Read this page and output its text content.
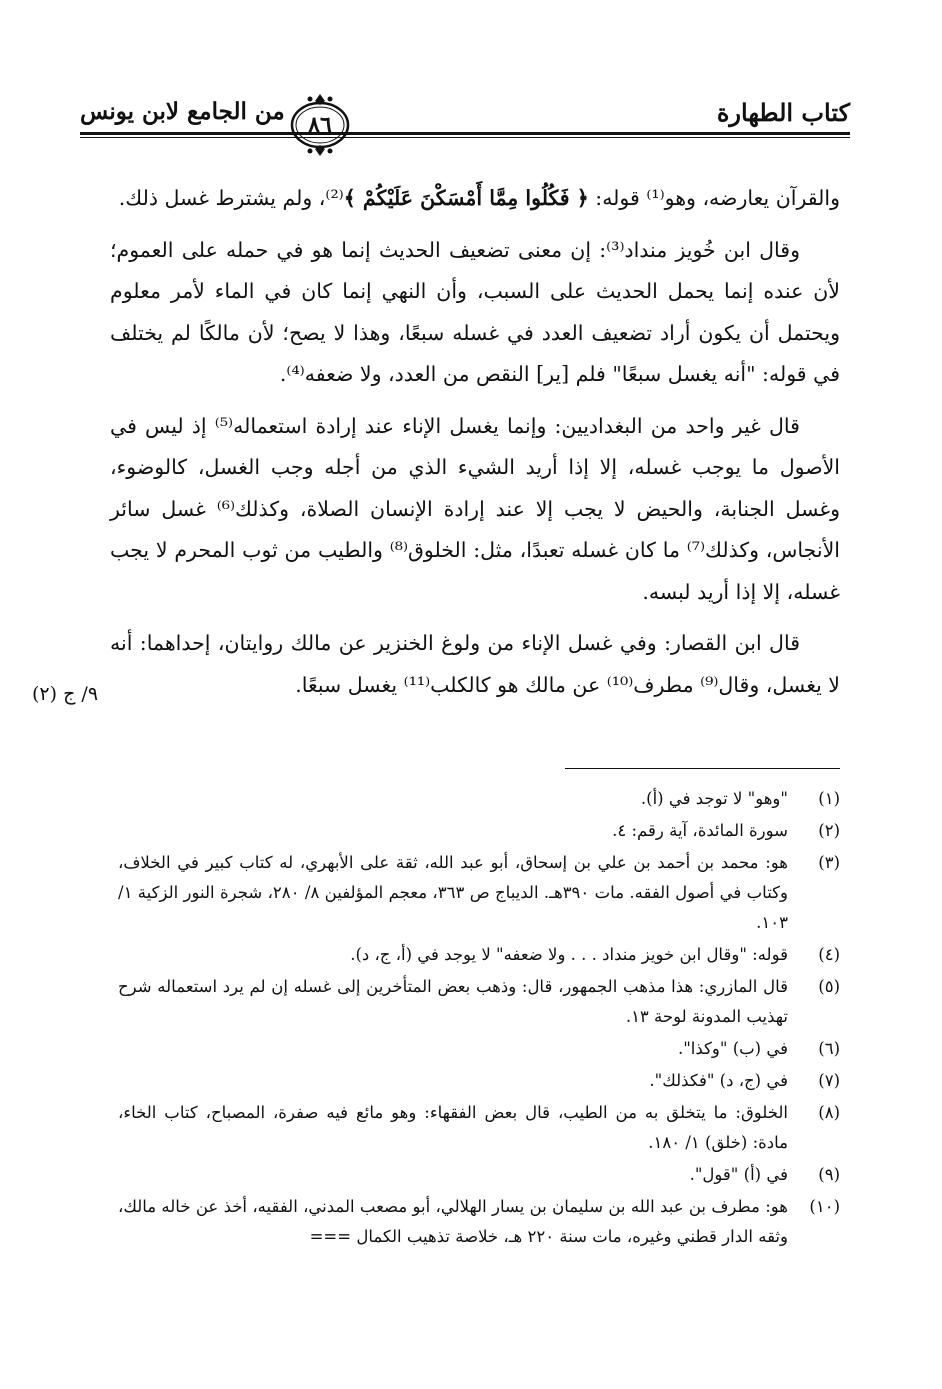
كتاب الطهارة
من الجامع لابن يونس	٨٦
٩/ ج (٢)

والقرآن يعارضه، وهو⁽¹⁾ قوله: ﴿ فَكُلُوا مِمَّا أَمْسَكْنَ عَلَيْكُمْ ﴾⁽²⁾، ولم يشترط غسل ذلك.

وقال ابن خُويز منداد⁽³⁾: إن معنى تضعيف الحديث إنما هو في حمله على العموم؛ لأن عنده إنما يحمل الحديث على السبب، وأن النهي إنما كان في الماء لأمر معلوم ويحتمل أن يكون أراد تضعيف العدد في غسله سبعًا، وهذا لا يصح؛ لأن مالكًا لم يختلف في قوله: "أنه يغسل سبعًا" فلم [ير] النقص من العدد، ولا ضعفه⁽⁴⁾.

قال غير واحد من البغداديين: وإنما يغسل الإناء عند إرادة استعماله⁽⁵⁾ إذ ليس في الأصول ما يوجب غسله، إلا إذا أريد الشيء الذي من أجله وجب الغسل، كالوضوء، وغسل الجنابة، والحيض لا يجب إلا عند إرادة الإنسان الصلاة، وكذلك⁽⁶⁾ غسل سائر الأنجاس، وكذلك⁽⁷⁾ ما كان غسله تعبدًا، مثل: الخلوق⁽⁸⁾ والطيب من ثوب المحرم لا يجب غسله، إلا إذا أريد لبسه.

قال ابن القصار: وفي غسل الإناء من ولوغ الخنزير عن مالك روايتان، إحداهما: أنه لا يغسل، وقال⁽⁹⁾ مطرف⁽¹⁰⁾ عن مالك هو كالكلب⁽¹¹⁾ يغسل سبعًا.

(١)
"وهو" لا توجد في (أ).
(٢)
سورة المائدة، آية رقم: ٤.
(٣)
هو: محمد بن أحمد بن علي بن إسحاق، أبو عبد الله، ثقة على الأبهري، له كتاب كبير في الخلاف، وكتاب في أصول الفقه. مات ٣٩٠هـ. الديباج ص ٣٦٣، معجم المؤلفين ٨/ ٢٨٠، شجرة النور الزكية ١/ ١٠٣.
(٤)
قوله: "وقال ابن خويز منداد . . . ولا ضعفه" لا يوجد في (أ، ج، د).
(٥)
قال المازري: هذا مذهب الجمهور، قال: وذهب بعض المتأخرين إلى غسله إن لم يرد استعماله شرح تهذيب المدونة لوحة ١٣.
(٦)
في (ب) "وكذا".
(٧)
في (ج، د) "فكذلك".
(٨)
الخلوق: ما يتخلق به من الطيب، قال بعض الفقهاء: وهو مائع فيه صفرة، المصباح، كتاب الخاء، مادة: (خلق) ١/ ١٨٠.
(٩)
في (أ) "قول".
(١٠)
هو: مطرف بن عبد الله بن سليمان بن يسار الهلالي، أبو مصعب المدني، الفقيه، أخذ عن خاله مالك، وثقه الدار قطني وغيره، مات سنة ٢٢٠ هـ، خلاصة تذهيب الكمال ===
